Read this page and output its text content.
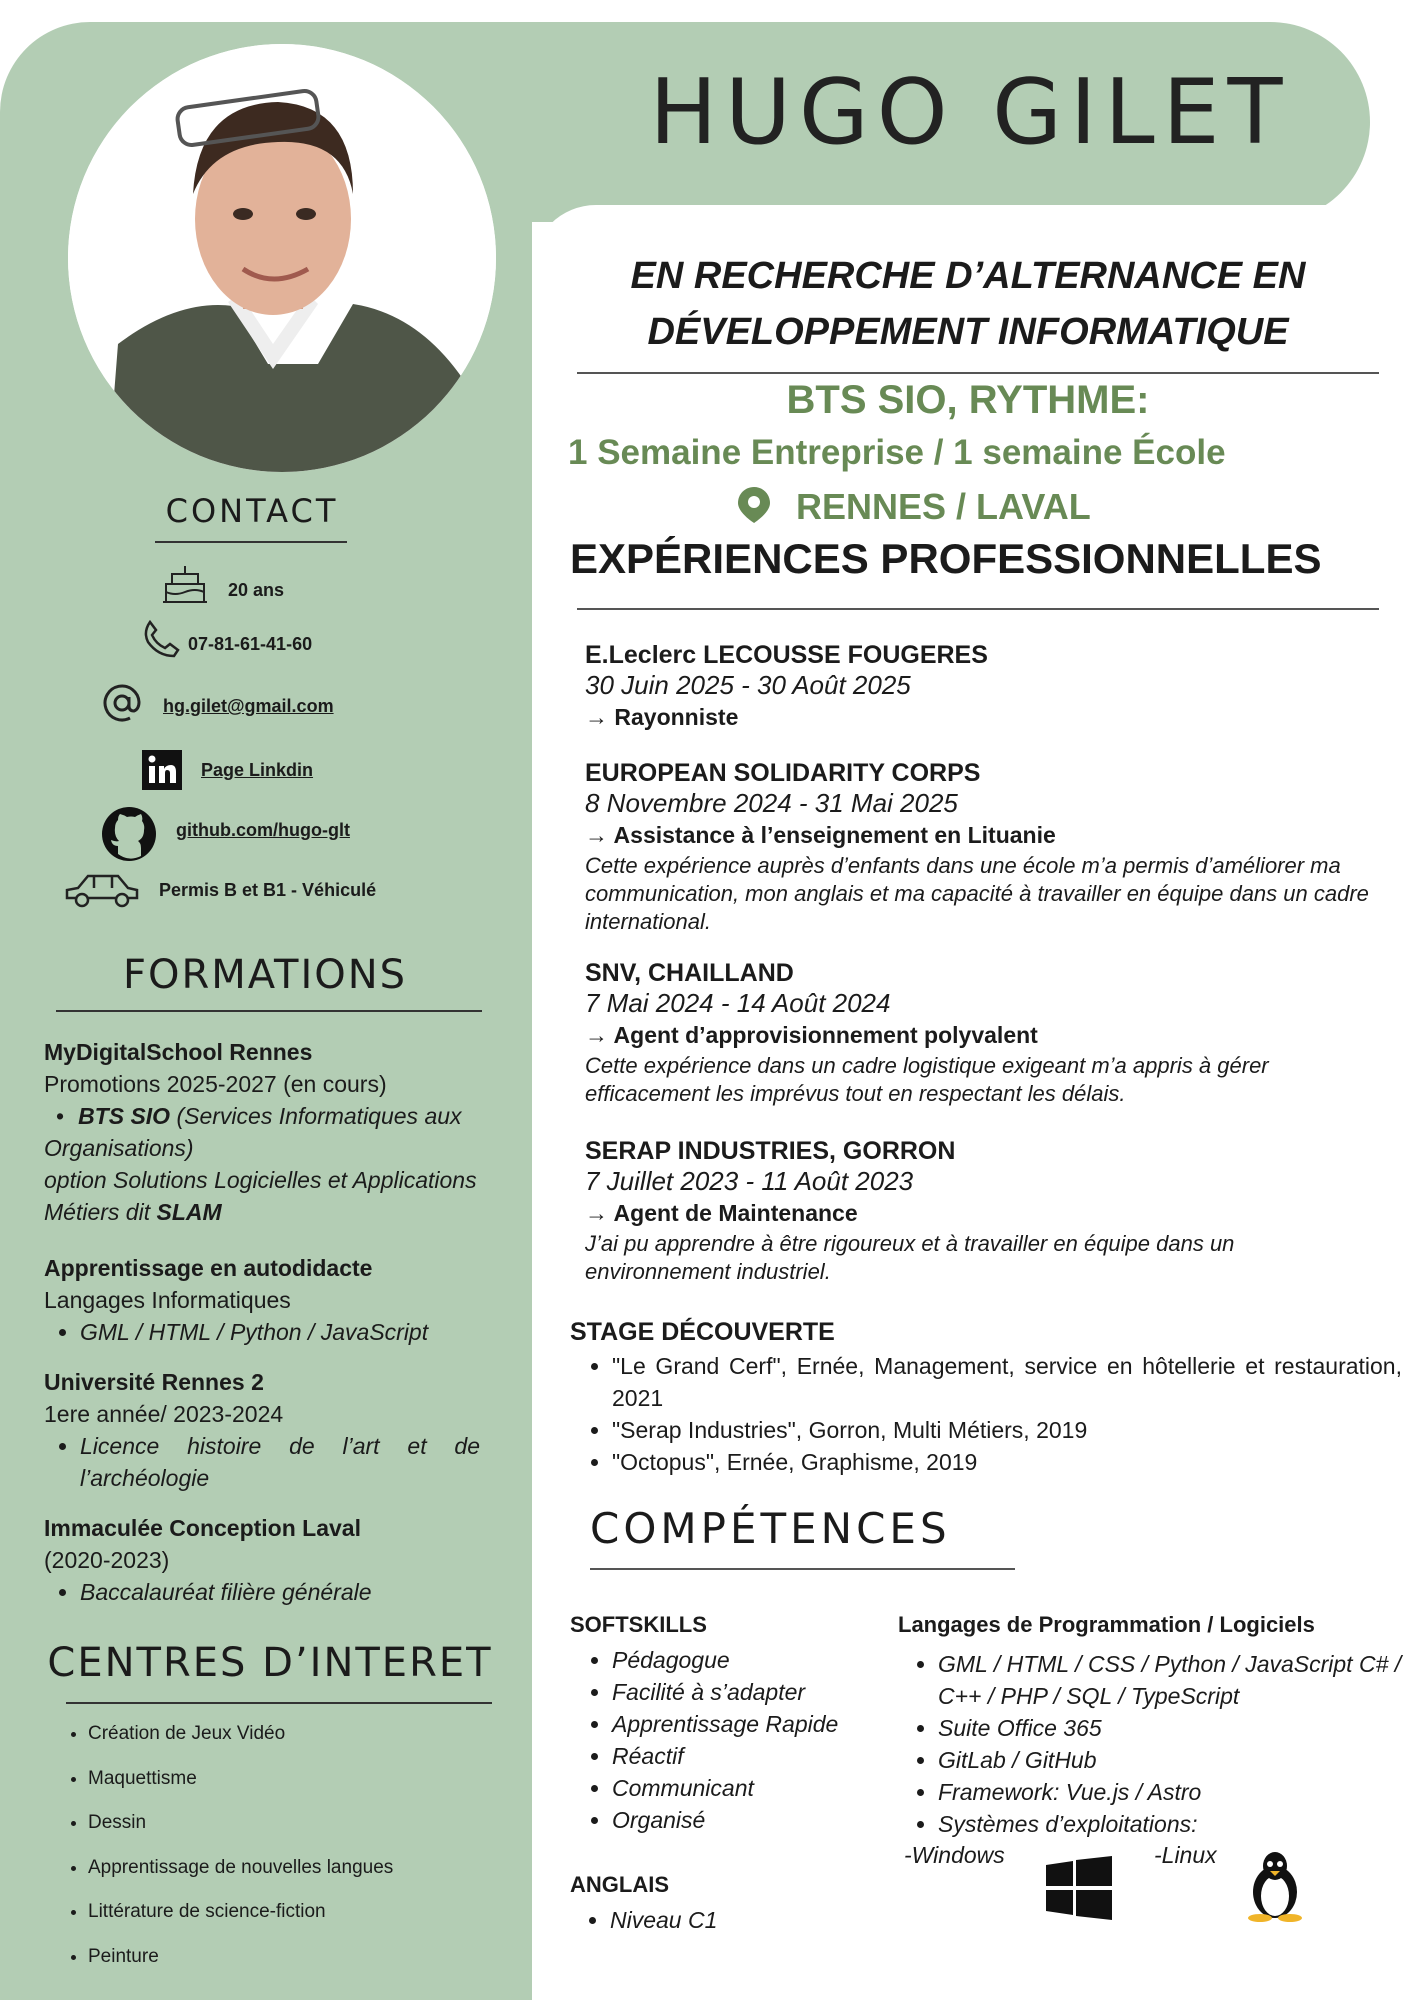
HUGO GILET
EN RECHERCHE D’ALTERNANCE EN
DÉVELOPPEMENT INFORMATIQUE
BTS SIO, RYTHME:
1 Semaine Entreprise / 1 semaine École
RENNES / LAVAL
EXPÉRIENCES PROFESSIONNELLES
E.Leclerc LECOUSSE FOUGERES
30 Juin 2025 - 30 Août 2025
→ Rayonniste
EUROPEAN SOLIDARITY CORPS
8 Novembre 2024 - 31 Mai 2025
→ Assistance à l’enseignement en Lituanie
Cette expérience auprès d’enfants dans une école m’a permis d’améliorer ma communication, mon anglais et ma capacité à travailler en équipe dans un cadre international.
SNV, CHAILLAND
7 Mai 2024 - 14 Août 2024
→ Agent d’approvisionnement polyvalent
Cette expérience dans un cadre logistique exigeant m’a appris à gérer efficacement les imprévus tout en respectant les délais.
SERAP INDUSTRIES, GORRON
7 Juillet 2023 - 11 Août 2023
→ Agent de Maintenance
J’ai pu apprendre à être rigoureux et à travailler en équipe dans un environnement industriel.
STAGE DÉCOUVERTE
• "Le Grand Cerf", Ernée, Management, service en hôtellerie et restauration, 2021
• "Serap Industries", Gorron, Multi Métiers, 2019
• "Octopus", Ernée, Graphisme, 2019
COMPÉTENCES
SOFTSKILLS
• Pédagogue
• Facilité à s’adapter
• Apprentissage Rapide
• Réactif
• Communicant
• Organisé
ANGLAIS
• Niveau C1
Langages de Programmation / Logiciels
• GML / HTML / CSS / Python / JavaScript C# / C++ / PHP / SQL / TypeScript
• Suite Office 365
• GitLab / GitHub
• Framework: Vue.js / Astro
• Systèmes d’exploitations:
-Windows	-Linux
CONTACT
20 ans
07-81-61-41-60
hg.gilet@gmail.com
Page Linkdin
github.com/hugo-glt
Permis B et B1 - Véhiculé
FORMATIONS
MyDigitalSchool Rennes
Promotions 2025-2027 (en cours)
• BTS SIO (Services Informatiques aux Organisations)
option Solutions Logicielles et Applications Métiers dit SLAM
Apprentissage en autodidacte
Langages Informatiques
• GML / HTML / Python / JavaScript
Université Rennes 2
1ere année/ 2023-2024
• Licence histoire de l’art et de l’archéologie
Immaculée Conception Laval
(2020-2023)
• Baccalauréat filière générale
CENTRES D’INTERET
• Création de Jeux Vidéo
• Maquettisme
• Dessin
• Apprentissage de nouvelles langues
• Littérature de science-fiction
• Peinture
